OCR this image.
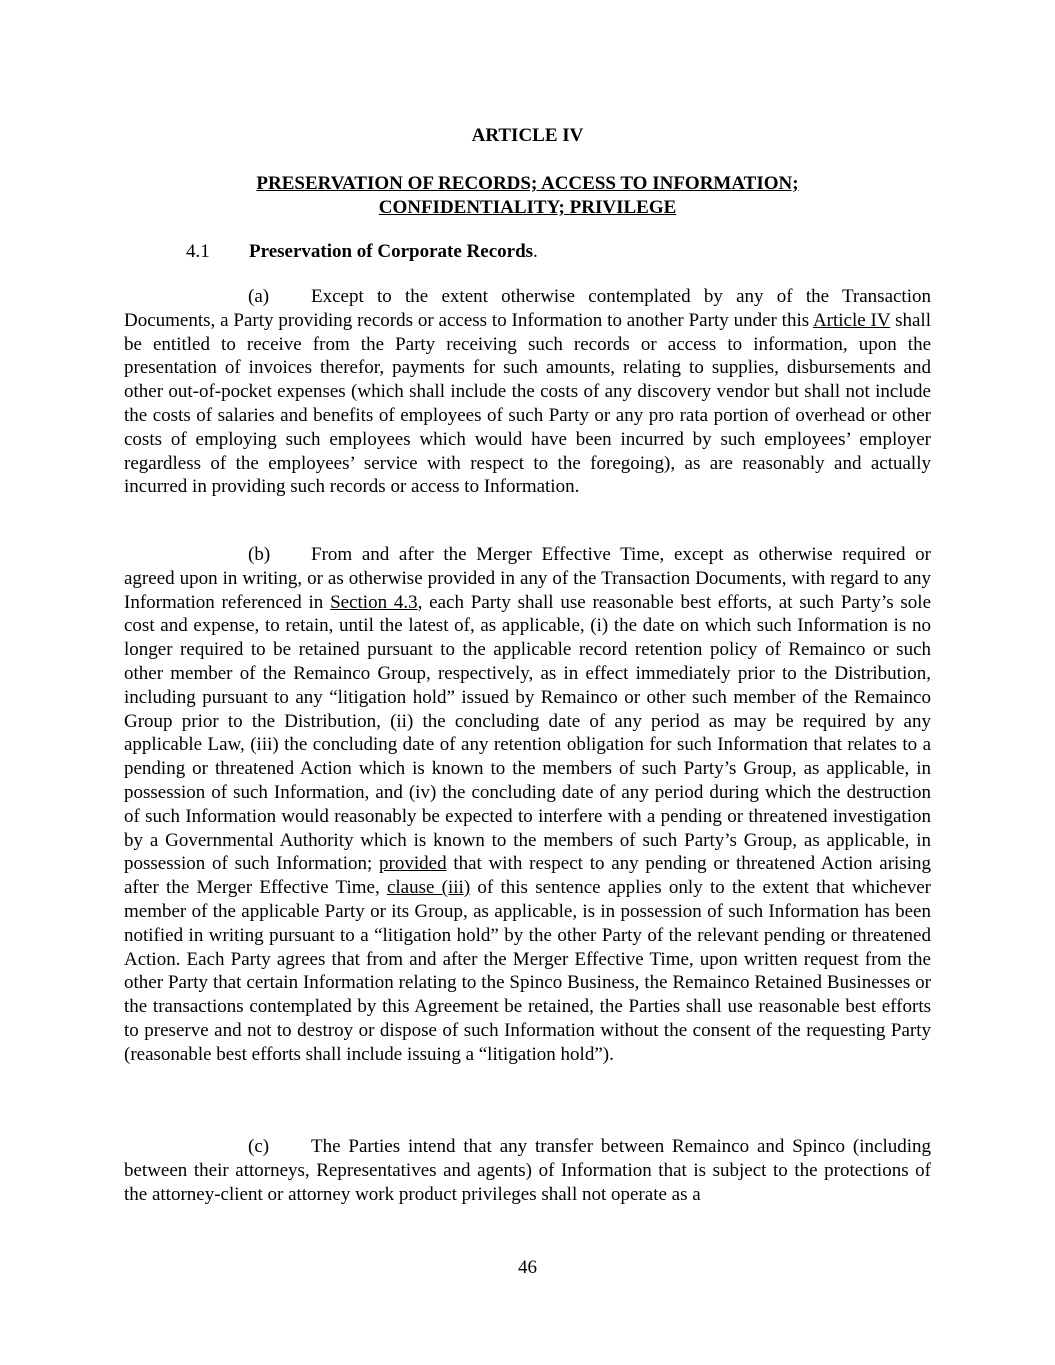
ARTICLE IV
PRESERVATION OF RECORDS; ACCESS TO INFORMATION;
CONFIDENTIALITY; PRIVILEGE
4.1 Preservation of Corporate Records.

(a) Except to the extent otherwise contemplated by any of the Transaction Documents, a Party providing records or access to Information to another Party under this Article IV shall be entitled to receive from the Party receiving such records or access to information, upon the presentation of invoices therefor, payments for such amounts, relating to supplies, disbursements and other out-of-pocket expenses (which shall include the costs of any discovery vendor but shall not include the costs of salaries and benefits of employees of such Party or any pro rata portion of overhead or other costs of employing such employees which would have been incurred by such employees’ employer regardless of the employees’ service with respect to the foregoing), as are reasonably and actually incurred in providing such records or access to Information.

(b) From and after the Merger Effective Time, except as otherwise required or agreed upon in writing, or as otherwise provided in any of the Transaction Documents, with regard to any Information referenced in Section 4.3, each Party shall use reasonable best efforts, at such Party’s sole cost and expense, to retain, until the latest of, as applicable, (i) the date on which such Information is no longer required to be retained pursuant to the applicable record retention policy of Remainco or such other member of the Remainco Group, respectively, as in effect immediately prior to the Distribution, including pursuant to any “litigation hold” issued by Remainco or other such member of the Remainco Group prior to the Distribution, (ii) the concluding date of any period as may be required by any applicable Law, (iii) the concluding date of any retention obligation for such Information that relates to a pending or threatened Action which is known to the members of such Party’s Group, as applicable, in possession of such Information, and (iv) the concluding date of any period during which the destruction of such Information would reasonably be expected to interfere with a pending or threatened investigation by a Governmental Authority which is known to the members of such Party’s Group, as applicable, in possession of such Information; provided that with respect to any pending or threatened Action arising after the Merger Effective Time, clause (iii) of this sentence applies only to the extent that whichever member of the applicable Party or its Group, as applicable, is in possession of such Information has been notified in writing pursuant to a “litigation hold” by the other Party of the relevant pending or threatened Action. Each Party agrees that from and after the Merger Effective Time, upon written request from the other Party that certain Information relating to the Spinco Business, the Remainco Retained Businesses or the transactions contemplated by this Agreement be retained, the Parties shall use reasonable best efforts to preserve and not to destroy or dispose of such Information without the consent of the requesting Party (reasonable best efforts shall include issuing a “litigation hold”).

(c) The Parties intend that any transfer between Remainco and Spinco (including between their attorneys, Representatives and agents) of Information that is subject to the protections of the attorney-client or attorney work product privileges shall not operate as a

46
